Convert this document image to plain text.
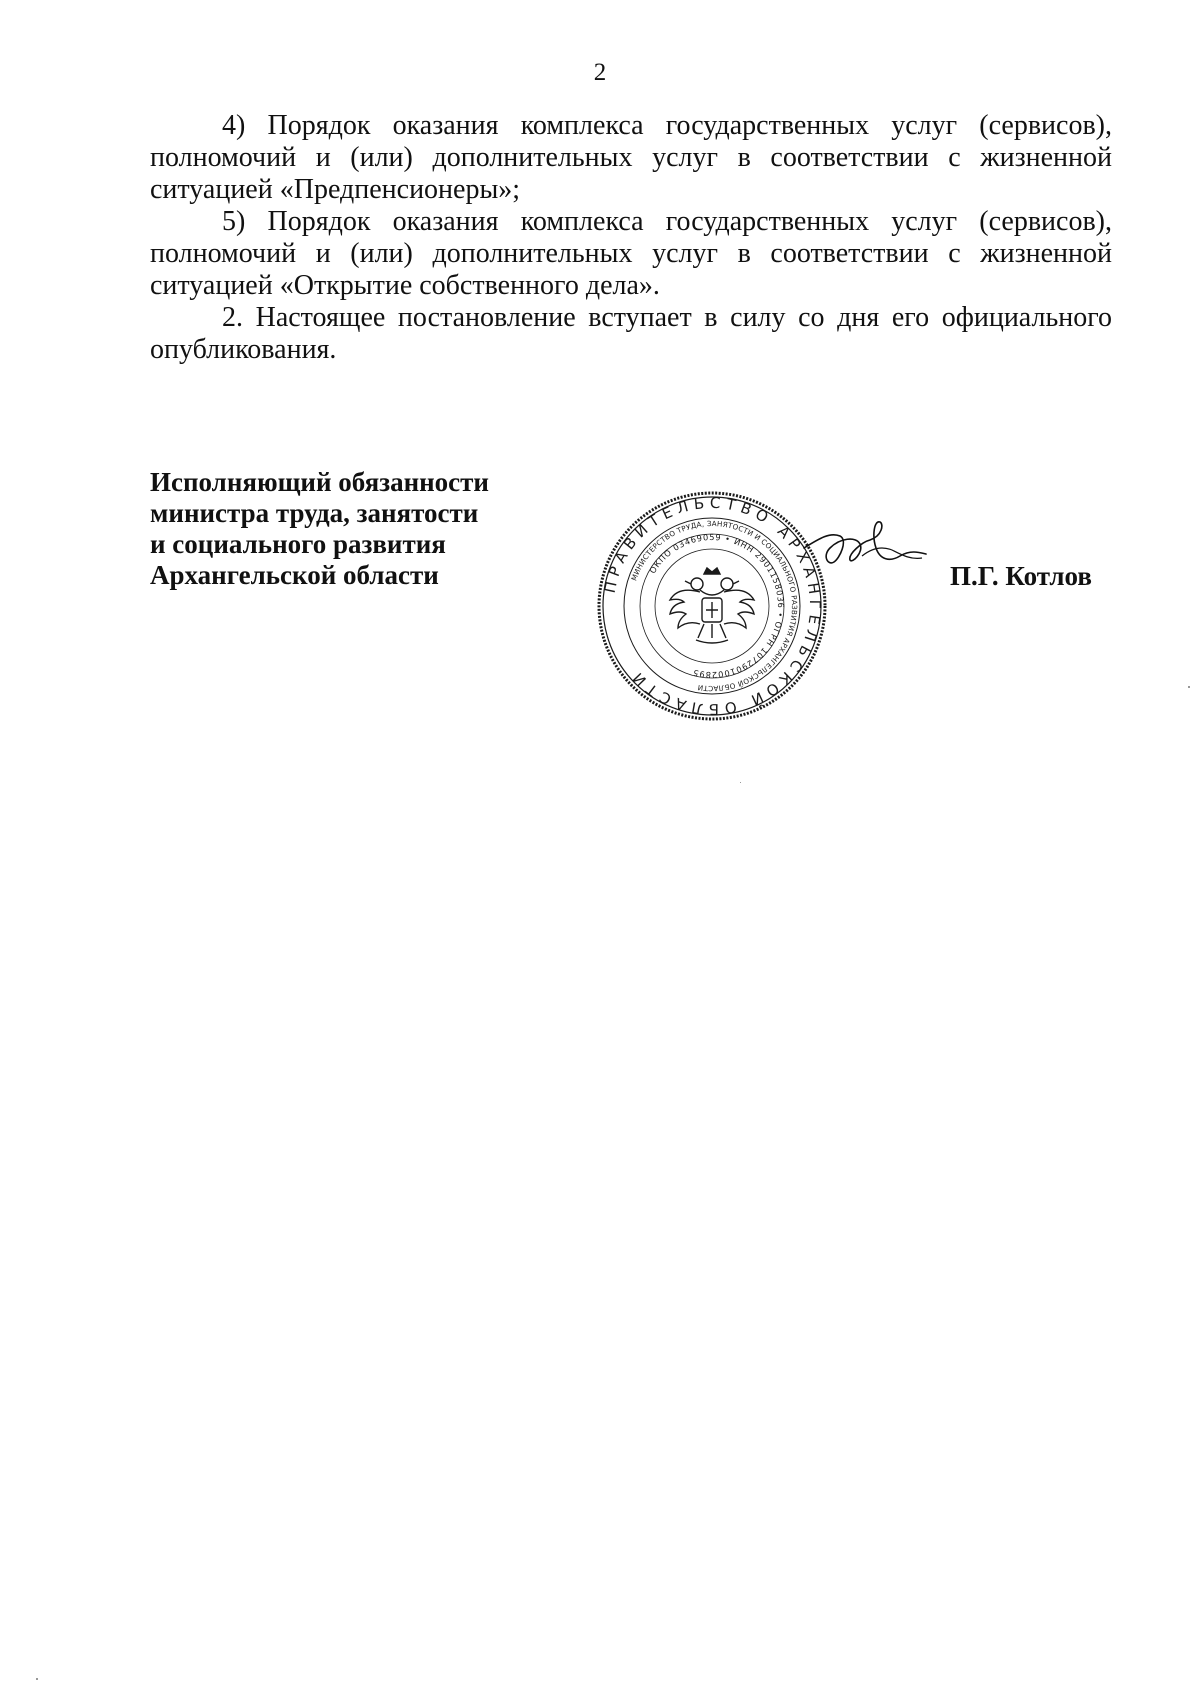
2

4) Порядок оказания комплекса государственных услуг (сервисов), полномочий и (или) дополнительных услуг в соответствии с жизненной ситуацией «Предпенсионеры»;

5) Порядок оказания комплекса государственных услуг (сервисов), полномочий и (или) дополнительных услуг в соответствии с жизненной ситуацией «Открытие собственного дела».

2. Настоящее постановление вступает в силу со дня его официального опубликования.

Исполняющий обязанности
министра труда, занятости
и социального развития
Архангельской области	ПРАВИТЕЛЬСТВО АРХАНГЕЛЬСКОЙ ОБЛАСТИ
МИНИСТЕРСТВО ТРУДА, ЗАНЯТОСТИ И СОЦИАЛЬНОГО РАЗВИТИЯ АРХАНГЕЛЬСКОЙ ОБЛАСТИ
ОКПО 03469059 • ИНН 2901158036 • ОГРН 1072901002895
П.Г. Котлов
